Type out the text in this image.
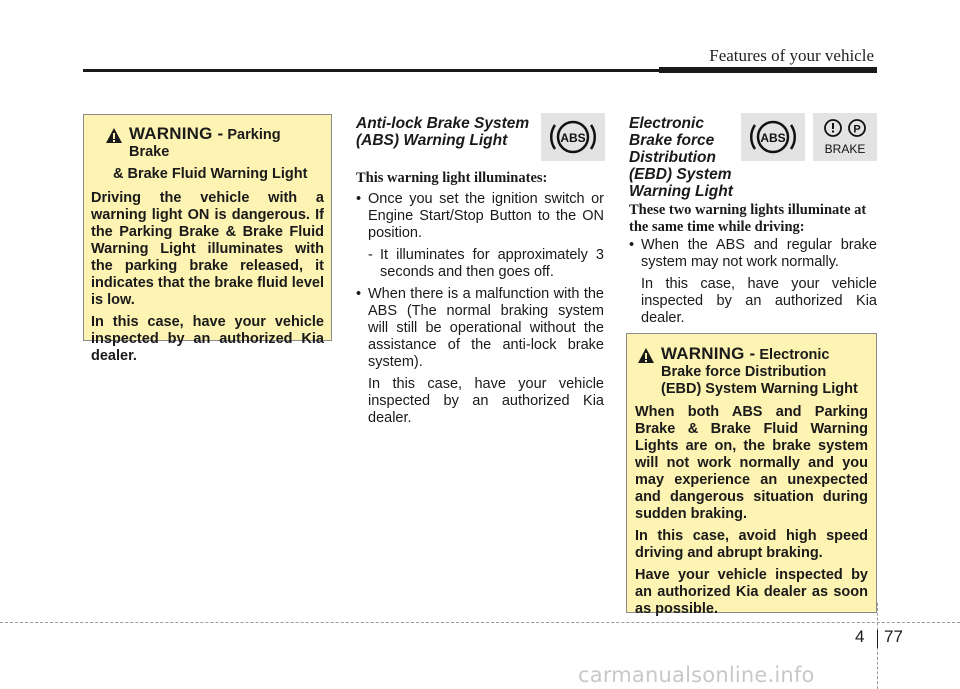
Features of your vehicle
WARNING - Parking Brake
& Brake Fluid Warning Light

Driving the vehicle with a warning light ON is dangerous. If the Parking Brake & Brake Fluid Warning Light illuminates with the parking brake released, it indicates that the brake fluid level is low.

In this case, have your vehicle inspected by an authorized Kia dealer.

Anti-lock Brake System
(ABS) Warning Light	ABS
This warning light illuminates:

• Once you set the ignition switch or Engine Start/Stop Button to the ON position.

- It illuminates for approximately 3 seconds and then goes off.

• When there is a malfunction with the ABS (The normal braking system will still be operational without the assistance of the anti-lock brake system).

In this case, have your vehicle inspected by an authorized Kia dealer.

Electronic
Brake force
Distribution
(EBD) System
Warning Light
ABS
P
BRAKE
These two warning lights illuminate at the same time while driving:

• When the ABS and regular brake system may not work normally.

In this case, have your vehicle inspected by an authorized Kia dealer.

WARNING - Electronic
Brake force Distribution
(EBD) System Warning Light

When both ABS and Parking Brake & Brake Fluid Warning Lights are on, the brake system will not work normally and you may experience an unexpected and dangerous situation during sudden braking.

In this case, avoid high speed driving and abrupt braking.

Have your vehicle inspected by an authorized Kia dealer as soon as possible.

4 77
carmanualsonline.info
